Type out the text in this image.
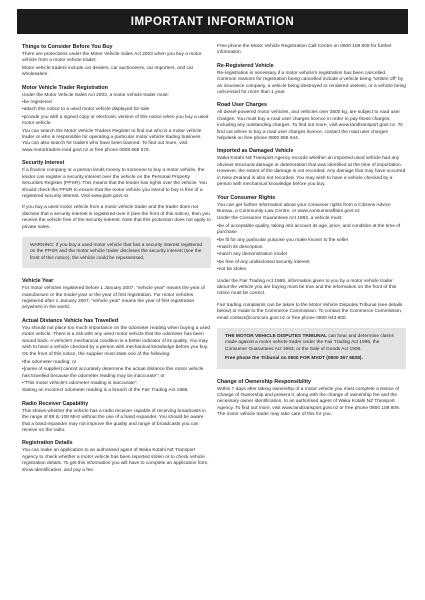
IMPORTANT INFORMATION
Things to Consider Before You Buy
There are protections under the Motor Vehicle Sales Act 2003 when you buy a motor vehicle from a motor vehicle trader.
Motor vehicle traders include car dealers, car auctioneers, car importers, and car wholesalers.
Motor Vehicle Trader Registration
Under the Motor Vehicle Sales Act 2003, a motor vehicle trader must:
• be registered
• attach this notice to a used motor vehicle displayed for sale
• provide you with a signed copy or electronic version of this notice when you buy a used motor vehicle.
You can search the Motor Vehicle Traders Register to find out who is a motor vehicle trader or who is responsible for operating a particular motor vehicle trading business. You can also search for traders who have been banned. To find out more, visit www.motortraders.med.govt.nz or free phone 0508 668 678.
Security Interest
If a finance company or a person lends money to someone to buy a motor vehicle, the lender can register a security interest over the vehicle on the Personal Property Securities Register (PPSR). This means that the lender has rights over the vehicle. You should check the PPSR to ensure that the motor vehicle you intend to buy is free of a registered security interest. Visit www.ppsr.govt.nz
If you buy a used motor vehicle from a motor vehicle trader and the trader does not disclose that a security interest is registered over it (see the front of this notice), then you receive the vehicle free of the security interest. Note that this protection does not apply to private sales.
WARNING: If you buy a used motor vehicle that has a security interest registered on the PPSR and the motor vehicle trader discloses the security interest (see the front of this notice), the vehicle could be repossessed.
Vehicle Year
For motor vehicles registered before 1 January 2007, "vehicle year" means the year of manufacture or the model year or the year of first registration. For motor vehicles registered after 1 January 2007, "vehicle year" means the year of first registration anywhere in the world.
Actual Distance Vehicle has Travelled
You should not place too much importance on the odometer reading when buying a used motor vehicle. There is a risk with any used motor vehicle that the odometer has been wound back. A vehicle's mechanical condition is a better indicator of its quality. You may wish to have a vehicle checked by a person with mechanical knowledge before you buy.
On the front of this notice, the supplier must state one of the following:
• the odometer reading; or
• [name of supplier] cannot accurately determine the actual distance this motor vehicle has travelled because the odometer reading may be inaccurate"; or
• "This motor vehicle's odometer reading is inaccurate".
Stating an incorrect odometer reading is a breach of the Fair Trading Act 1986.
Radio Receiver Capability
This shows whether the vehicle has a radio receiver capable of receiving broadcasts in the range of 88 to 108 MHz without the use of a band expander. You should be aware that a band expander may not improve the quality and range of broadcasts you can receive on the radio.
Registration Details
You can make an application to an authorised agent of Waka Kotahi NZ Transport Agency to check whether a motor vehicle has been reported stolen or to check vehicle registration details. To get this information you will have to complete an application form, show identification, and pay a fee.
Free phone the Motor Vehicle Registration Call Centre on 0800 108 809 for further information.
Re-Registered Vehicle
Re-registration is necessary if a motor vehicle's registration has been cancelled. Common reasons for registration being cancelled include a vehicle being "written off" by an insurance company, a vehicle being destroyed or rendered useless, or a vehicle being unlicensed for more than 1 year.
Road User Charges
All diesel-powered motor vehicles, and vehicles over 3500 kg, are subject to road user charges. You must buy a road user charges licence in order to pay these charges, including any outstanding charges. To find out more, visit www.landtransport.govt.nz. To find out where to buy a road user charges licence, contact the road user charges helpdesk on free phone 0800 655 644.
Imported as Damaged Vehicle
Waka Kotahi NZ Transport Agency records whether an imported used vehicle had any obvious structural damage or deterioration that was identified at the time of importation. However, the extent of the damage is not recorded. Any damage that may have occurred in New Zealand is also not recorded. You may wish to have a vehicle checked by a person with mechanical knowledge before you buy.
Your Consumer Rights
You can get further information about your consumer rights from a Citizens Advice Bureau, a Community Law Centre, or www.consumeraffairs.govt.nz
Under the Consumer Guarantees Act 1993, a vehicle must:
• be of acceptable quality, taking into account its age, price, and condition at the time of purchase
• be fit for any particular purpose you make known to the seller
• match its description
• match any demonstration model
• be free of any undisclosed security interest
• not be stolen.
Under the Fair Trading Act 1986, information given to you by a motor vehicle trader about the vehicle you are buying must be true and the information on the front of this notice must be correct.
Fair trading complaints can be taken to the Motor Vehicle Disputes Tribunal (see details below) or made to the Commerce Commission. To contact the Commerce Commission, email contact@comcom.govt.nz or free phone 0800 943 600.
THE MOTOR VEHICLE DISPUTES TRIBUNAL can hear and determine claims made against a motor vehicle trader under the Fair Trading Act 1986, the Consumer Guarantees Act 1993, or the Sale of Goods Act 1908.
Free phone the Tribunal on 0800 FOR MVDT (0800 367 6838).
Change of Ownership Responsibility
Within 7 days after taking ownership of a motor vehicle you must complete a Notice of Change of Ownership and present it, along with the change of ownership fee and the necessary owner identification, to an authorised agent of Waka Kotahi NZ Transport Agency. To find out more, visit www.landtransport.govt.nz or free phone 0800 108 809. The motor vehicle trader may take care of this for you.
